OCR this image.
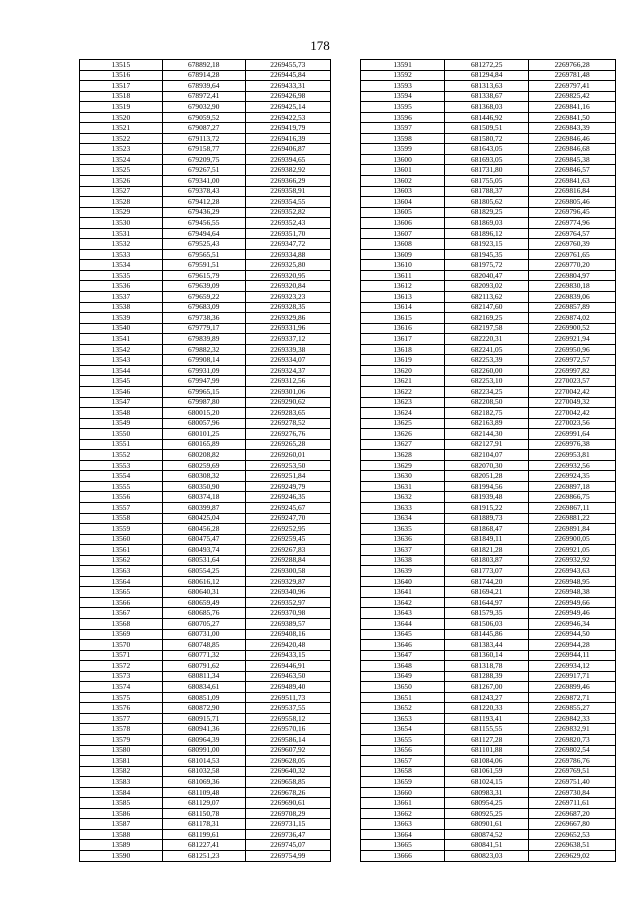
178
13515	678892,18	2269455,73
13516	678914,28	2269445,84
13517	678939,64	2269433,31
13518	678972,41	2269426,98
13519	679032,90	2269425,14
13520	679059,52	2269422,53
13521	679087,27	2269419,79
13522	679113,72	2269416,39
13523	679158,77	2269406,87
13524	679209,75	2269394,65
13525	679267,51	2269382,92
13526	679341,00	2269366,29
13527	679378,43	2269358,91
13528	679412,28	2269354,55
13529	679436,29	2269352,82
13530	679456,55	2269352,43
13531	679494,64	2269351,70
13532	679525,43	2269347,72
13533	679565,51	2269334,88
13534	679591,51	2269325,80
13535	679615,79	2269320,95
13536	679639,09	2269320,84
13537	679659,22	2269323,23
13538	679683,09	2269328,35
13539	679738,36	2269329,86
13540	679779,17	2269331,96
13541	679839,89	2269337,12
13542	679882,32	2269339,38
13543	679908,14	2269334,07
13544	679931,09	2269324,37
13545	679947,99	2269312,56
13546	679965,15	2269301,06
13547	679987,80	2269290,62
13548	680015,20	2269283,65
13549	680057,96	2269278,52
13550	680101,25	2269276,76
13551	680165,89	2269265,28
13552	680208,82	2269260,01
13553	680259,69	2269253,50
13554	680308,32	2269251,84
13555	680350,90	2269249,79
13556	680374,18	2269246,35
13557	680399,87	2269245,67
13558	680425,04	2269247,70
13559	680456,28	2269252,95
13560	680475,47	2269259,45
13561	680493,74	2269267,83
13562	680531,64	2269288,84
13563	680554,25	2269300,58
13564	680616,12	2269329,87
13565	680640,31	2269340,96
13566	680659,49	2269352,97
13567	680685,76	2269370,98
13568	680705,27	2269389,57
13569	680731,00	2269408,16
13570	680748,85	2269420,48
13571	680771,32	2269433,15
13572	680791,62	2269446,91
13573	680811,34	2269463,50
13574	680834,61	2269489,40
13575	680851,09	2269511,73
13576	680872,90	2269537,55
13577	680915,71	2269558,12
13578	680941,36	2269570,16
13579	680964,39	2269586,14
13580	680991,00	2269607,92
13581	681014,53	2269628,05
13582	681032,58	2269640,32
13583	681069,36	2269658,85
13584	681109,48	2269678,26
13585	681129,07	2269690,61
13586	681150,78	2269708,29
13587	681178,31	2269731,15
13588	681199,61	2269736,47
13589	681227,41	2269745,07
13590	681251,23	2269754,99
13591	681272,25	2269766,28
13592	681294,84	2269781,48
13593	681313,63	2269797,41
13594	681338,67	2269825,42
13595	681368,03	2269841,16
13596	681446,92	2269841,50
13597	681509,51	2269843,39
13598	681580,72	2269846,46
13599	681643,05	2269846,68
13600	681693,05	2269845,38
13601	681731,80	2269846,57
13602	681755,05	2269841,63
13603	681788,37	2269816,84
13604	681805,62	2269805,46
13605	681829,25	2269796,45
13606	681869,03	2269774,96
13607	681896,12	2269764,57
13608	681923,15	2269760,39
13609	681945,35	2269761,65
13610	681975,72	2269770,20
13611	682040,47	2269804,97
13612	682093,02	2269830,18
13613	682113,62	2269839,06
13614	682147,60	2269857,89
13615	682169,25	2269874,02
13616	682197,58	2269900,52
13617	682220,31	2269921,94
13618	682241,05	2269950,96
13619	682253,39	2269972,57
13620	682260,00	2269997,82
13621	682253,10	2270023,57
13622	682234,25	2270042,42
13623	682208,50	2270049,32
13624	682182,75	2270042,42
13625	682163,89	2270023,56
13626	682144,30	2269991,64
13627	682127,91	2269976,38
13628	682104,07	2269953,81
13629	682070,30	2269932,56
13630	682051,28	2269924,35
13631	681994,56	2269897,18
13632	681939,48	2269866,75
13633	681915,22	2269867,11
13634	681889,73	2269881,22
13635	681868,47	2269891,84
13636	681849,11	2269900,05
13637	681821,28	2269921,05
13638	681803,87	2269932,92
13639	681773,07	2269943,63
13640	681744,20	2269948,95
13641	681694,21	2269948,38
13642	681644,97	2269949,66
13643	681579,35	2269949,46
13644	681506,03	2269946,34
13645	681445,86	2269944,50
13646	681383,44	2269944,28
13647	681360,14	2269944,11
13648	681318,78	2269934,12
13649	681288,39	2269917,71
13650	681267,00	2269899,46
13651	681243,27	2269872,71
13652	681220,33	2269855,27
13653	681193,41	2269842,33
13654	681155,55	2269832,91
13655	681127,28	2269820,73
13656	681101,88	2269802,54
13657	681084,06	2269786,76
13658	681061,59	2269769,51
13659	681024,15	2269751,40
13660	680983,31	2269730,84
13661	680954,25	2269711,61
13662	680925,25	2269687,20
13663	680901,61	2269667,80
13664	680874,52	2269652,53
13665	680841,51	2269638,51
13666	680823,03	2269629,02
